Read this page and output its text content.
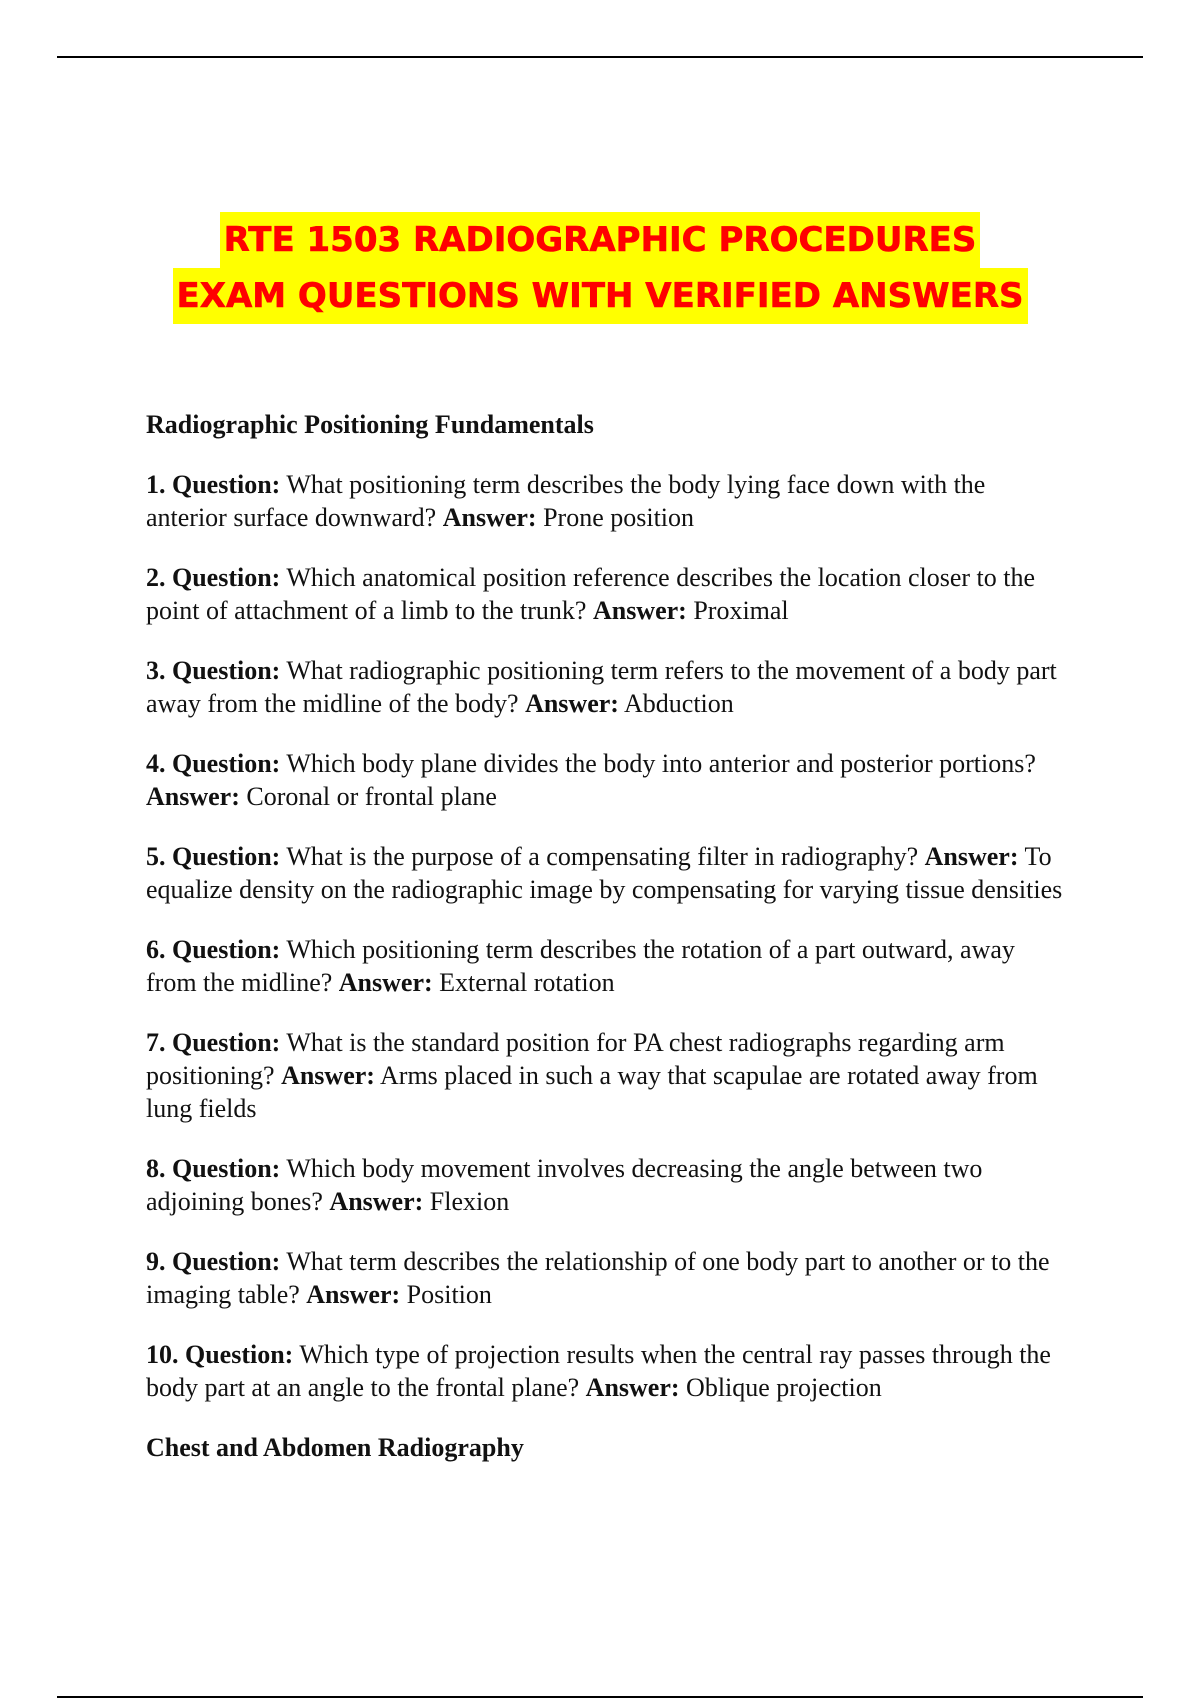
RTE 1503 RADIOGRAPHIC PROCEDURES
EXAM QUESTIONS WITH VERIFIED ANSWERS
Radiographic Positioning Fundamentals
1. Question: What positioning term describes the body lying face down with the anterior surface downward? Answer: Prone position
2. Question: Which anatomical position reference describes the location closer to the point of attachment of a limb to the trunk? Answer: Proximal
3. Question: What radiographic positioning term refers to the movement of a body part away from the midline of the body? Answer: Abduction
4. Question: Which body plane divides the body into anterior and posterior portions? Answer: Coronal or frontal plane
5. Question: What is the purpose of a compensating filter in radiography? Answer: To equalize density on the radiographic image by compensating for varying tissue densities
6. Question: Which positioning term describes the rotation of a part outward, away from the midline? Answer: External rotation
7. Question: What is the standard position for PA chest radiographs regarding arm positioning? Answer: Arms placed in such a way that scapulae are rotated away from lung fields
8. Question: Which body movement involves decreasing the angle between two adjoining bones? Answer: Flexion
9. Question: What term describes the relationship of one body part to another or to the imaging table? Answer: Position
10. Question: Which type of projection results when the central ray passes through the body part at an angle to the frontal plane? Answer: Oblique projection
Chest and Abdomen Radiography
